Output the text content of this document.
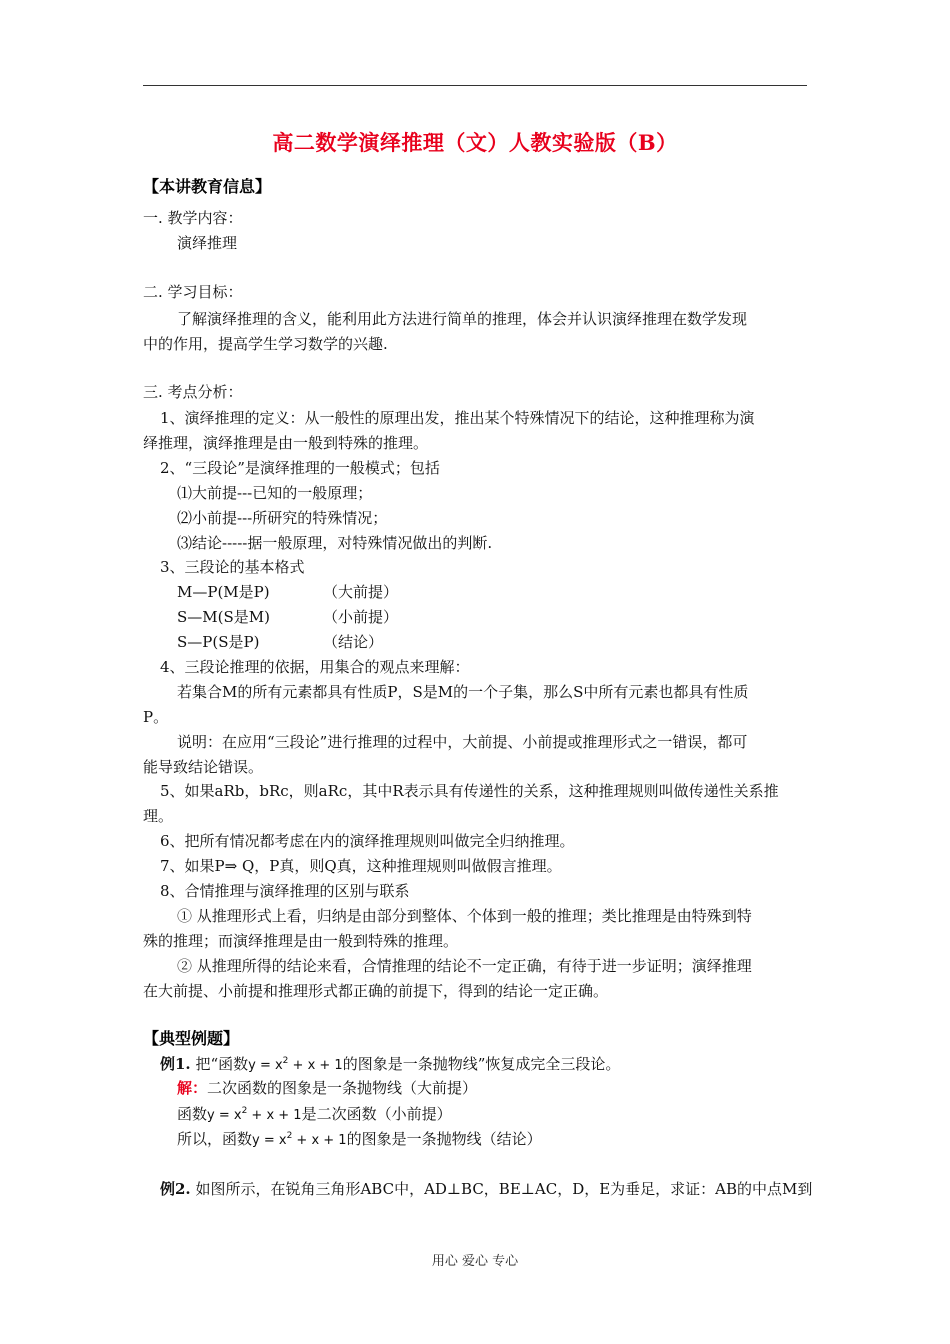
高二数学演绎推理（文）人教实验版（B）
【本讲教育信息】
一. 教学内容：
演绎推理
二. 学习目标：
了解演绎推理的含义，能利用此方法进行简单的推理，体会并认识演绎推理在数学发现
中的作用，提高学生学习数学的兴趣.
三. 考点分析：
1、演绎推理的定义：从一般性的原理出发，推出某个特殊情况下的结论，这种推理称为演
绎推理，演绎推理是由一般到特殊的推理。
2、“三段论”是演绎推理的一般模式；包括
⑴大前提---已知的一般原理；
⑵小前提---所研究的特殊情况；
⑶结论-----据一般原理，对特殊情况做出的判断.
3、三段论的基本格式
M—P(M是P)	（大前提）
S—M(S是M)	（小前提）
S—P(S是P)	（结论）
4、三段论推理的依据，用集合的观点来理解：
若集合M的所有元素都具有性质P，S是M的一个子集，那么S中所有元素也都具有性质
P。
说明：在应用“三段论”进行推理的过程中，大前提、小前提或推理形式之一错误，都可
能导致结论错误。
5、如果aRb，bRc，则aRc，其中R表示具有传递性的关系，这种推理规则叫做传递性关系推
理。
6、把所有情况都考虑在内的演绎推理规则叫做完全归纳推理。
7、如果P⇒ Q，P真，则Q真，这种推理规则叫做假言推理。
8、合情推理与演绎推理的区别与联系
① 从推理形式上看，归纳是由部分到整体、个体到一般的推理；类比推理是由特殊到特
殊的推理；而演绎推理是由一般到特殊的推理。
② 从推理所得的结论来看，合情推理的结论不一定正确，有待于进一步证明；演绎推理
在大前提、小前提和推理形式都正确的前提下，得到的结论一定正确。
【典型例题】
例1. 把“函数$y = x^2 + x + 1$的图象是一条抛物线”恢复成完全三段论。
解：二次函数的图象是一条抛物线（大前提）
函数$y = x^2 + x + 1$是二次函数（小前提）
所以，函数$y = x^2 + x + 1$的图象是一条抛物线（结论）
例2. 如图所示，在锐角三角形ABC中，AD⊥BC，BE⊥AC，D，E为垂足，求证：AB的中点M到
用心 爱心 专心
